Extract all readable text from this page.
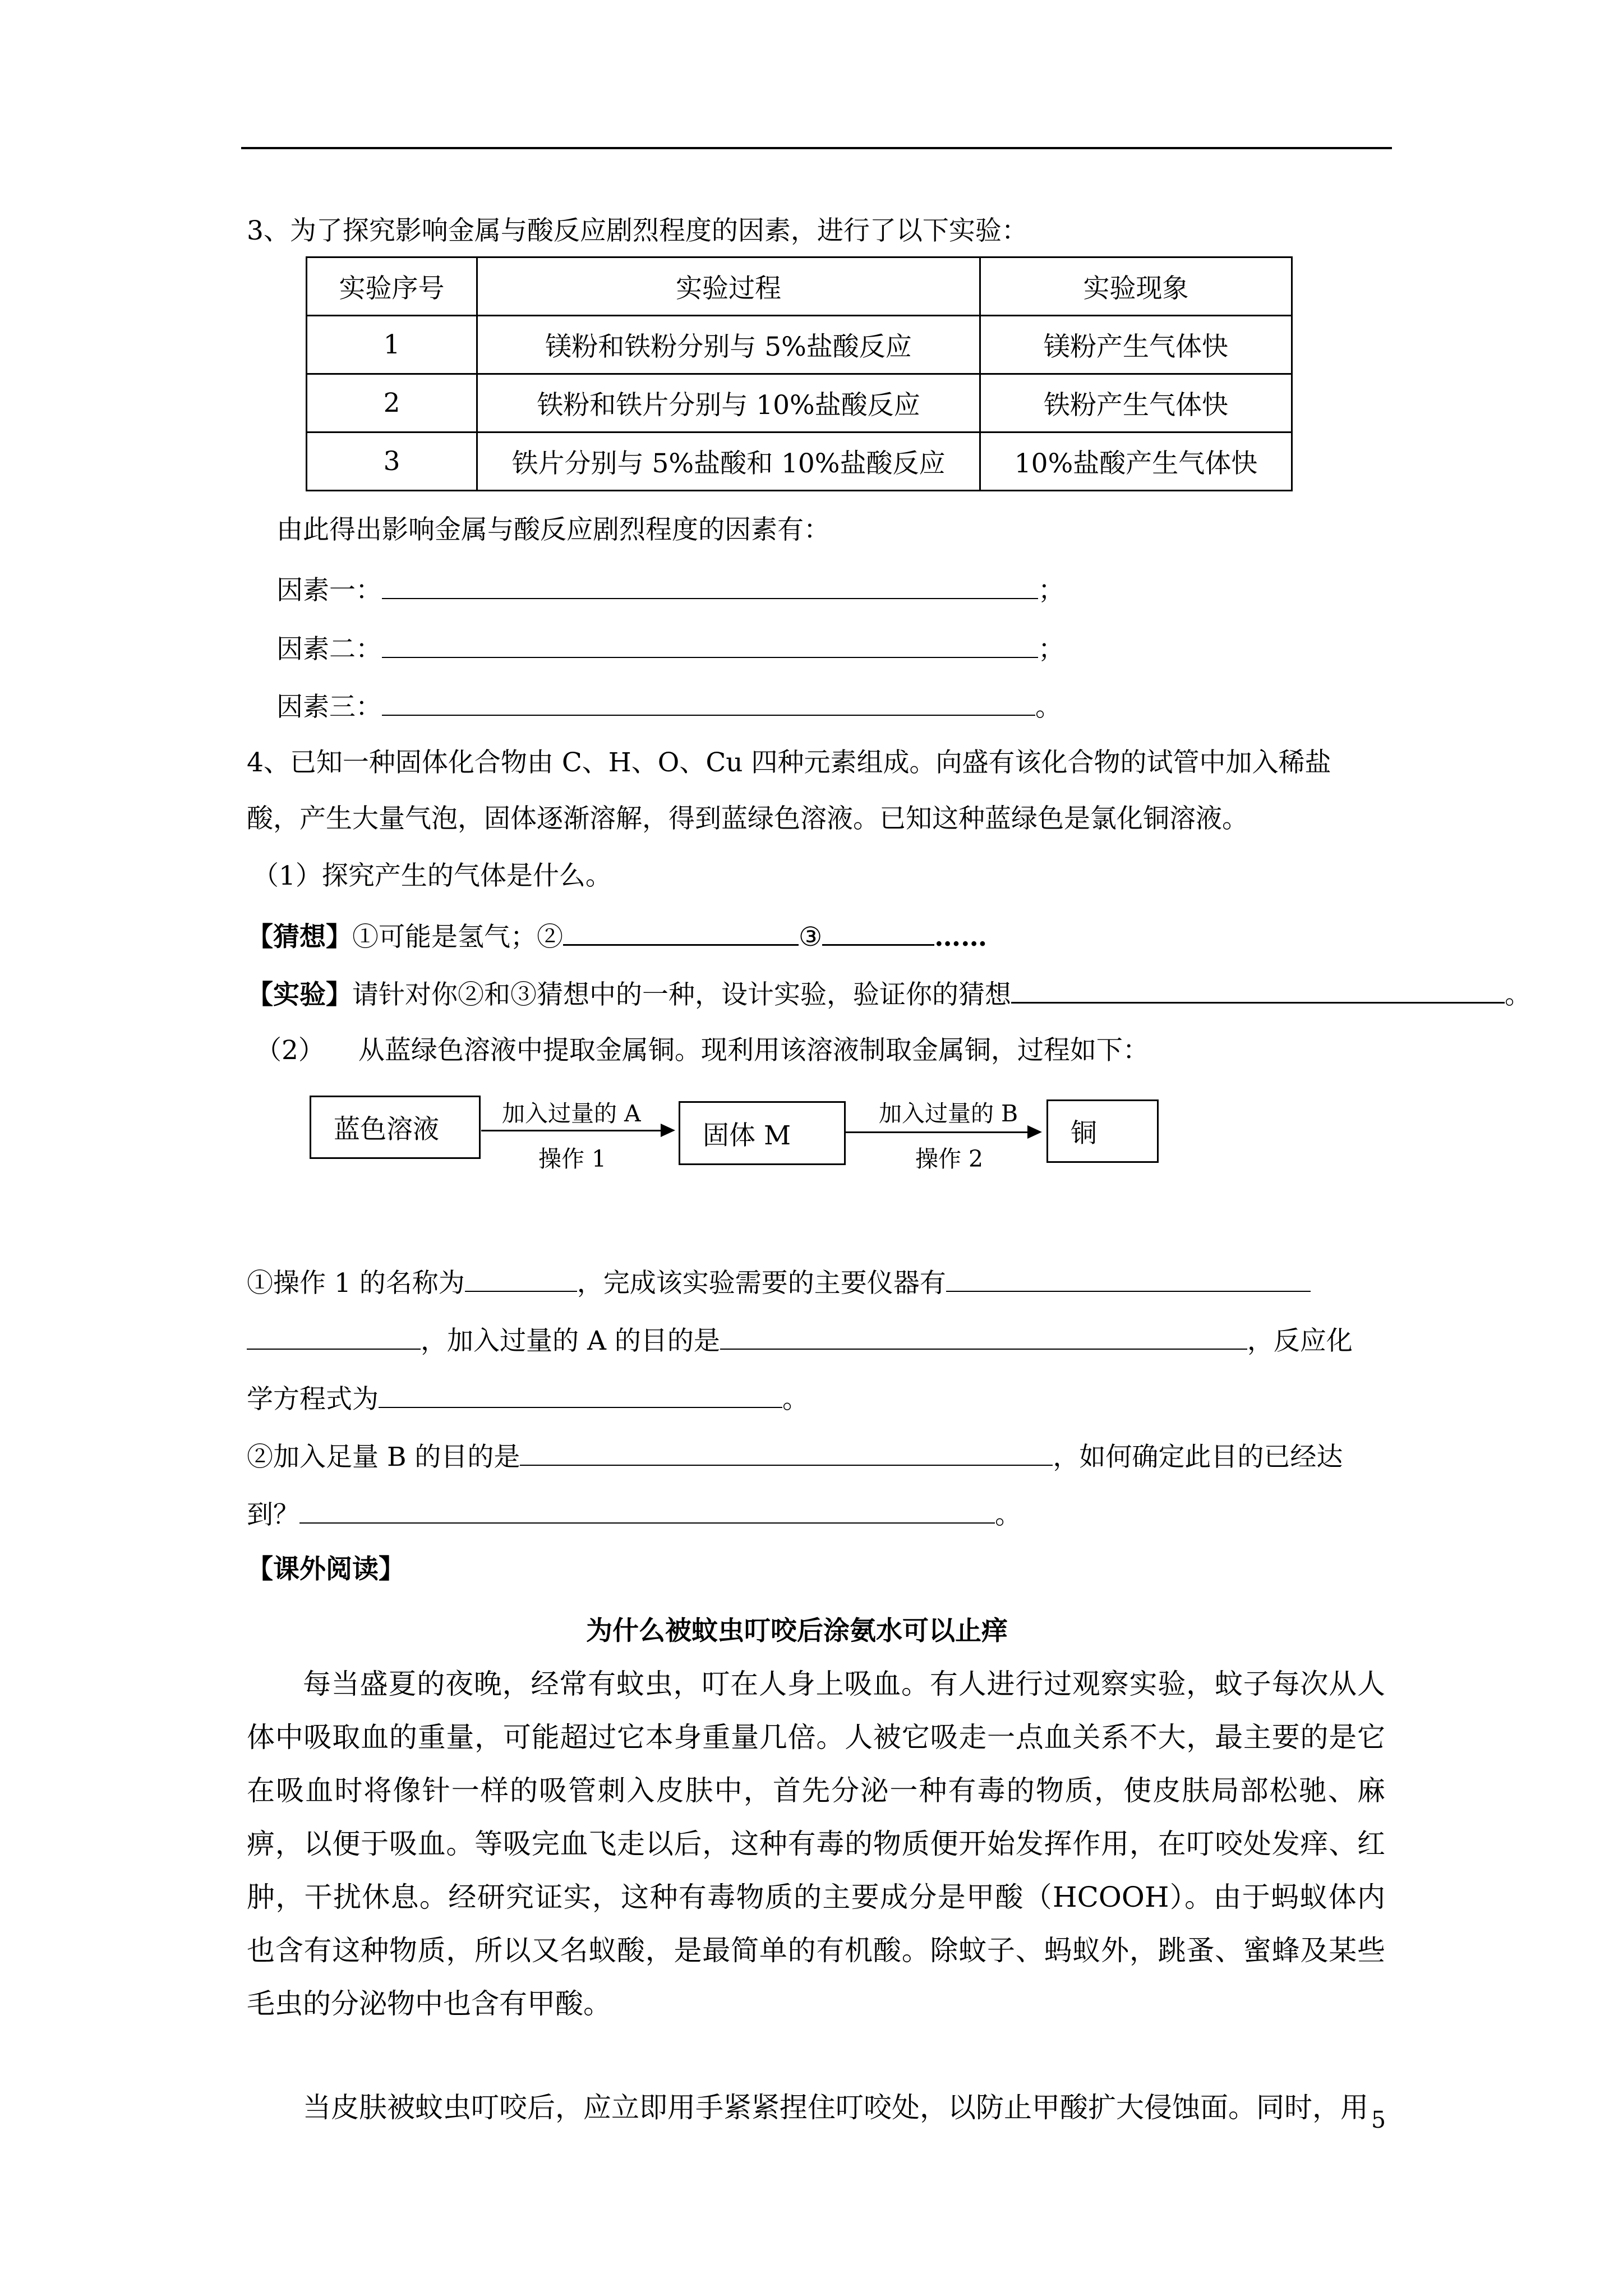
3、为了探究影响金属与酸反应剧烈程度的因素，进行了以下实验：
实验序号	实验过程	实验现象
1	镁粉和铁粉分别与 5%盐酸反应	镁粉产生气体快
2	铁粉和铁片分别与 10%盐酸反应	铁粉产生气体快
3	铁片分别与 5%盐酸和 10%盐酸反应	10%盐酸产生气体快
由此得出影响金属与酸反应剧烈程度的因素有：
因素一：	；
因素二：	；
因素三：	。
4、已知一种固体化合物由 C、H、O、Cu 四种元素组成。向盛有该化合物的试管中加入稀盐
酸，产生大量气泡，固体逐渐溶解，得到蓝绿色溶液。已知这种蓝绿色是氯化铜溶液。
（1）探究产生的气体是什么。
【猜想】①可能是氢气；②	③	……
【实验】请针对你②和③猜想中的一种，设计实验，验证你的猜想	。
（2） 从蓝绿色溶液中提取金属铜。现利用该溶液制取金属铜，过程如下：
蓝色溶液
加入过量的 A
操作 1
固体 M
加入过量的 B
操作 2
铜
①操作 1 的名称为	，完成该实验需要的主要仪器有
，加入过量的 A 的目的是	，反应化
学方程式为	。
②加入足量 B 的目的是	，如何确定此目的已经达
到？	。
【课外阅读】
为什么被蚊虫叮咬后涂氨水可以止痒
每当盛夏的夜晚，经常有蚊虫，叮在人身上吸血。有人进行过观察实验，蚊子每次从人体中吸取血的重量，可能超过它本身重量几倍。人被它吸走一点血关系不大，最主要的是它在吸血时将像针一样的吸管刺入皮肤中，首先分泌一种有毒的物质，使皮肤局部松驰、麻痹，以便于吸血。等吸完血飞走以后，这种有毒的物质便开始发挥作用，在叮咬处发痒、红肿，干扰休息。经研究证实，这种有毒物质的主要成分是甲酸（HCOOH）。由于蚂蚁体内也含有这种物质，所以又名蚁酸，是最简单的有机酸。除蚊子、蚂蚁外，跳蚤、蜜蜂及某些毛虫的分泌物中也含有甲酸。
当皮肤被蚊虫叮咬后，应立即用手紧紧捏住叮咬处，以防止甲酸扩大侵蚀面。同时，用 5
